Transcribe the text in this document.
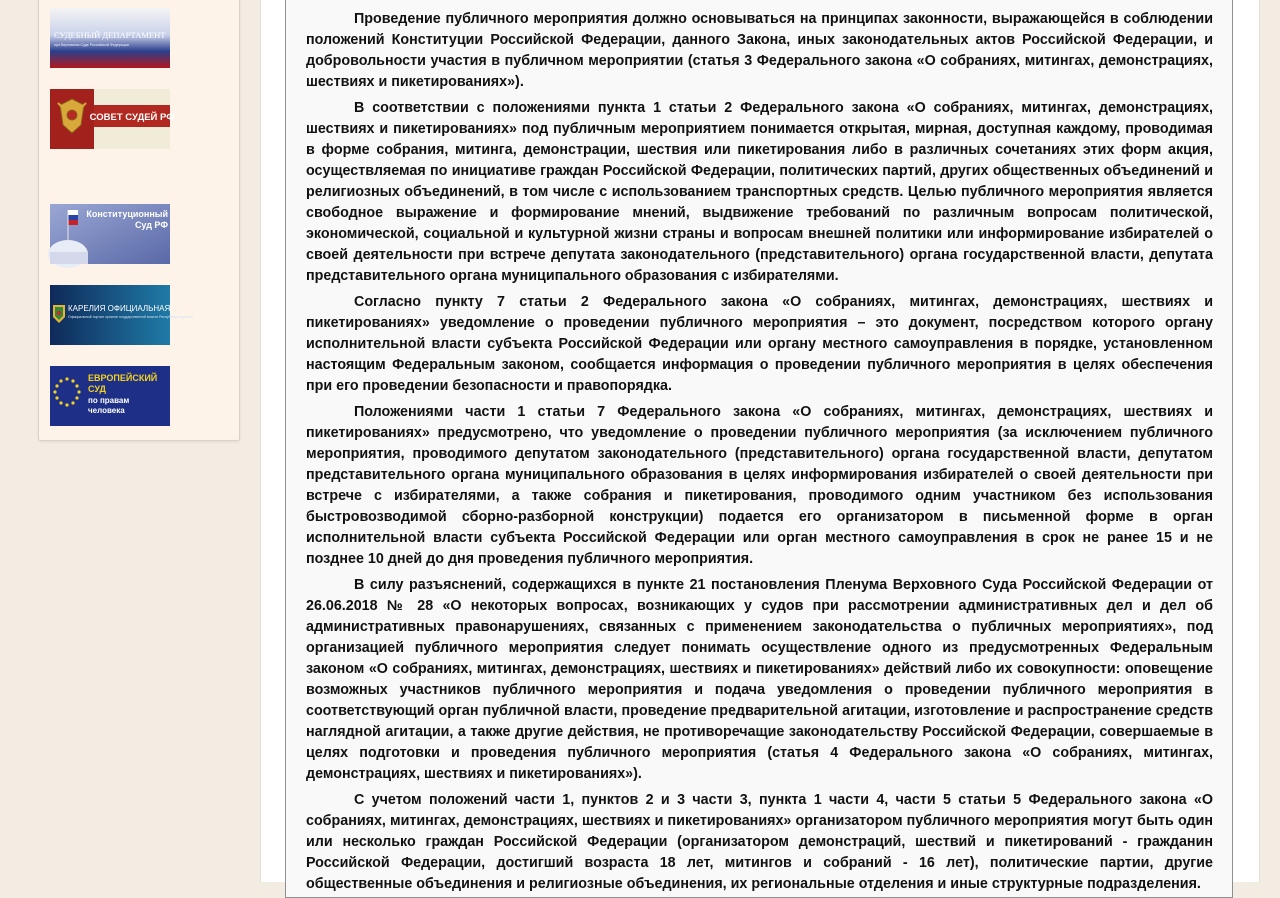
СУДЕБНЫЙ ДЕПАРТАМЕНТ
при Верховном Суде Российской Федерации
СОВЕТ СУДЕЙ РФ
Конституционный
Суд РФ
КАРЕЛИЯ ОФИЦИАЛЬНАЯ
Официальный портал органов государственной власти Республики Карелия
ЕВРОПЕЙСКИЙ
СУД
по правам
человека

Проведение публичного мероприятия должно основываться на принципах законности, выражающейся в соблюдении положений Конституции Российской Федерации, данного Закона, иных законодательных актов Российской Федерации, и добровольности участия в публичном мероприятии (статья 3 Федерального закона «О собраниях, митингах, демонстрациях, шествиях и пикетированиях»).

В соответствии с положениями пункта 1 статьи 2 Федерального закона «О собраниях, митингах, демонстрациях, шествиях и пикетированиях» под публичным мероприятием понимается открытая, мирная, доступная каждому, проводимая в форме собрания, митинга, демонстрации, шествия или пикетирования либо в различных сочетаниях этих форм акция, осуществляемая по инициативе граждан Российской Федерации, политических партий, других общественных объединений и религиозных объединений, в том числе с использованием транспортных средств. Целью публичного мероприятия является свободное выражение и формирование мнений, выдвижение требований по различным вопросам политической, экономической, социальной и культурной жизни страны и вопросам внешней политики или информирование избирателей о своей деятельности при встрече депутата законодательного (представительного) органа государственной власти, депутата представительного органа муниципального образования с избирателями.

Согласно пункту 7 статьи 2 Федерального закона «О собраниях, митингах, демонстрациях, шествиях и пикетированиях» уведомление о проведении публичного мероприятия – это документ, посредством которого органу исполнительной власти субъекта Российской Федерации или органу местного самоуправления в порядке, установленном настоящим Федеральным законом, сообщается информация о проведении публичного мероприятия в целях обеспечения при его проведении безопасности и правопорядка.

Положениями части 1 статьи 7 Федерального закона «О собраниях, митингах, демонстрациях, шествиях и пикетированиях» предусмотрено, что уведомление о проведении публичного мероприятия (за исключением публичного мероприятия, проводимого депутатом законодательного (представительного) органа государственной власти, депутатом представительного органа муниципального образования в целях информирования избирателей о своей деятельности при встрече с избирателями, а также собрания и пикетирования, проводимого одним участником без использования быстровозводимой сборно-разборной конструкции) подается его организатором в письменной форме в орган исполнительной власти субъекта Российской Федерации или орган местного самоуправления в срок не ранее 15 и не позднее 10 дней до дня проведения публичного мероприятия.

В силу разъяснений, содержащихся в пункте 21 постановления Пленума Верховного Суда Российской Федерации от 26.06.2018 № 28 «О некоторых вопросах, возникающих у судов при рассмотрении административных дел и дел об административных правонарушениях, связанных с применением законодательства о публичных мероприятиях», под организацией публичного мероприятия следует понимать осуществление одного из предусмотренных Федеральным законом «О собраниях, митингах, демонстрациях, шествиях и пикетированиях» действий либо их совокупности: оповещение возможных участников публичного мероприятия и подача уведомления о проведении публичного мероприятия в соответствующий орган публичной власти, проведение предварительной агитации, изготовление и распространение средств наглядной агитации, а также другие действия, не противоречащие законодательству Российской Федерации, совершаемые в целях подготовки и проведения публичного мероприятия (статья 4 Федерального закона «О собраниях, митингах, демонстрациях, шествиях и пикетированиях»).

С учетом положений части 1, пунктов 2 и 3 части 3, пункта 1 части 4, части 5 статьи 5 Федерального закона «О собраниях, митингах, демонстрациях, шествиях и пикетированиях» организатором публичного мероприятия могут быть один или несколько граждан Российской Федерации (организатором демонстраций, шествий и пикетирований - гражданин Российской Федерации, достигший возраста 18 лет, митингов и собраний - 16 лет), политические партии, другие общественные объединения и религиозные объединения, их региональные отделения и иные структурные подразделения.
